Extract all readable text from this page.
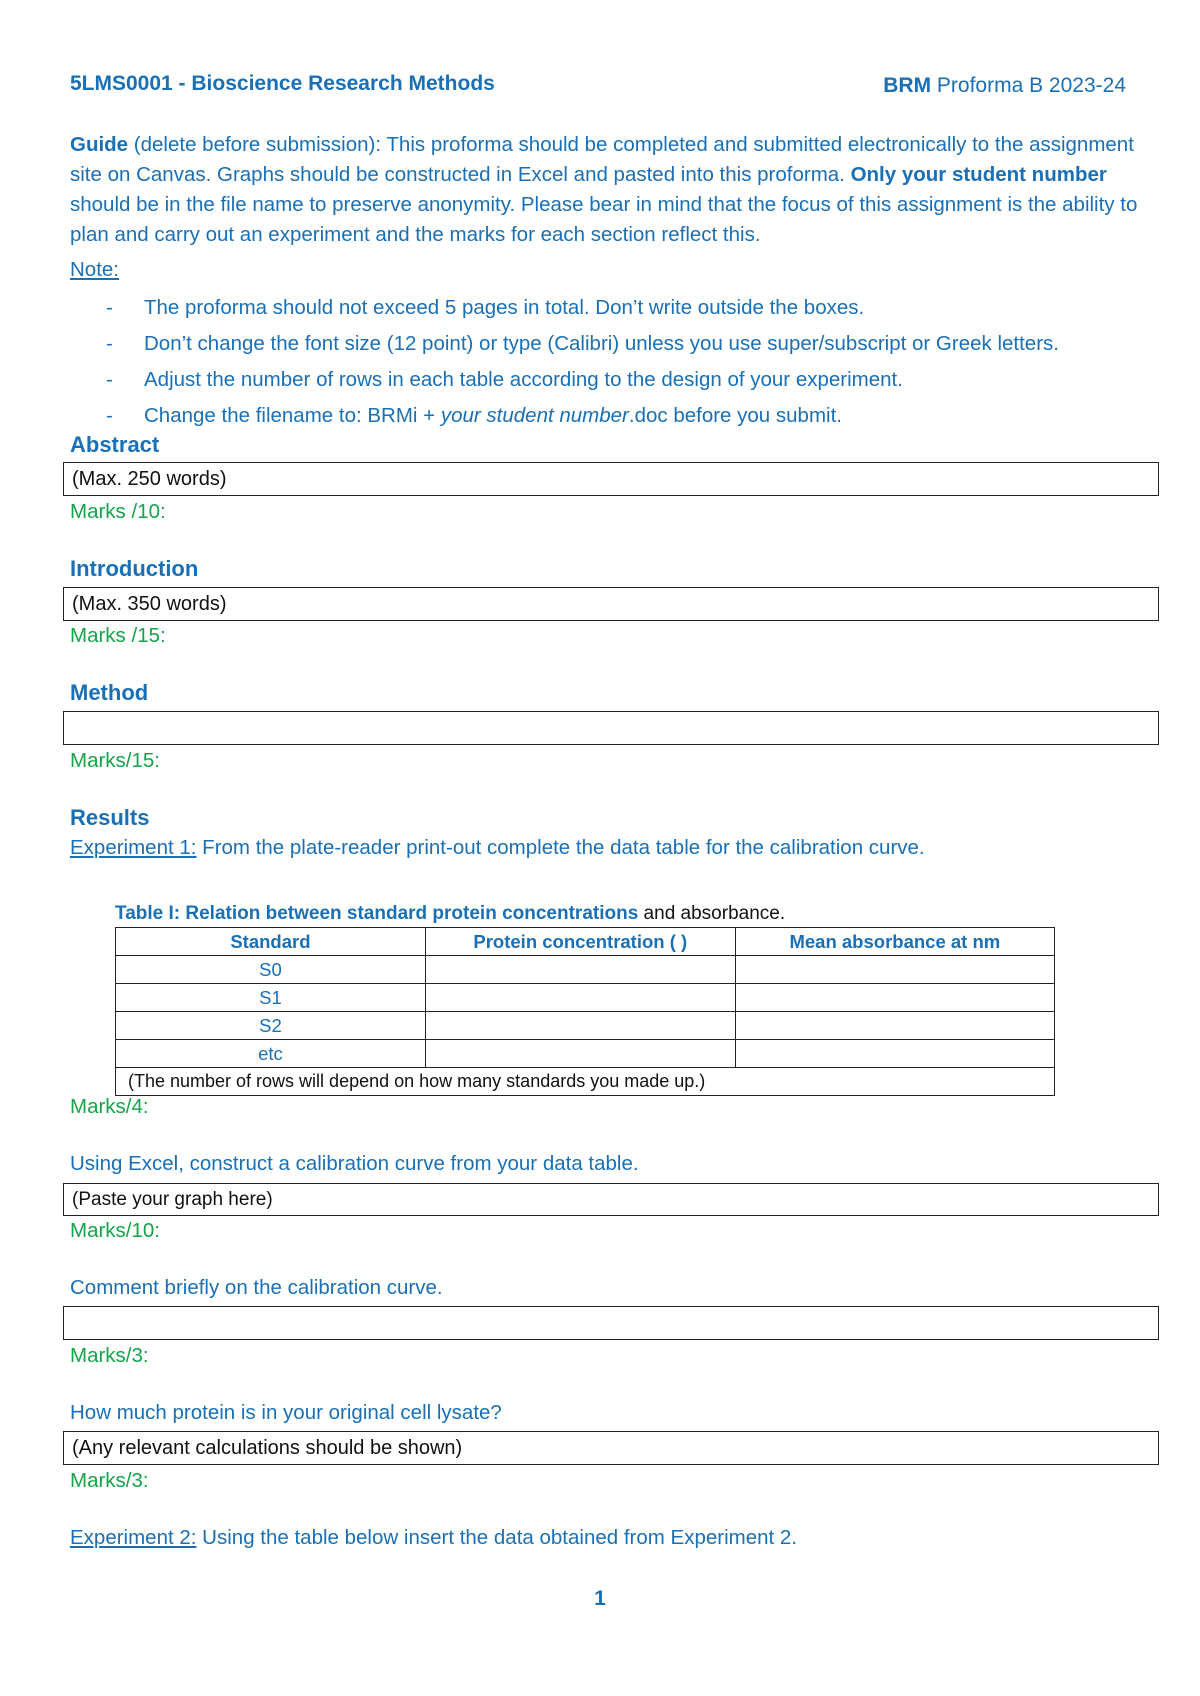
5LMS0001 - Bioscience Research Methods	BRM Proforma B 2023-24
Guide (delete before submission): This proforma should be completed and submitted electronically to the assignment site on Canvas. Graphs should be constructed in Excel and pasted into this proforma. Only your student number should be in the file name to preserve anonymity. Please bear in mind that the focus of this assignment is the ability to plan and carry out an experiment and the marks for each section reflect this.
Note:
- The proforma should not exceed 5 pages in total. Don’t write outside the boxes.
- Don’t change the font size (12 point) or type (Calibri) unless you use super/subscript or Greek letters.
- Adjust the number of rows in each table according to the design of your experiment.
- Change the filename to: BRMi + your student number.doc before you submit.
Abstract
(Max. 250 words)
Marks /10:
Introduction
(Max. 350 words)
Marks /15:
Method
Marks/15:
Results
Experiment 1: From the plate-reader print-out complete the data table for the calibration curve.
Table I: Relation between standard protein concentrations and absorbance.
Standard	Protein concentration ( )	Mean absorbance at nm
S0		
S1		
S2		
etc		
(The number of rows will depend on how many standards you made up.)		
Marks/4:
Using Excel, construct a calibration curve from your data table.
(Paste your graph here)
Marks/10:
Comment briefly on the calibration curve.
Marks/3:
How much protein is in your original cell lysate?
(Any relevant calculations should be shown)
Marks/3:
Experiment 2: Using the table below insert the data obtained from Experiment 2.
1
